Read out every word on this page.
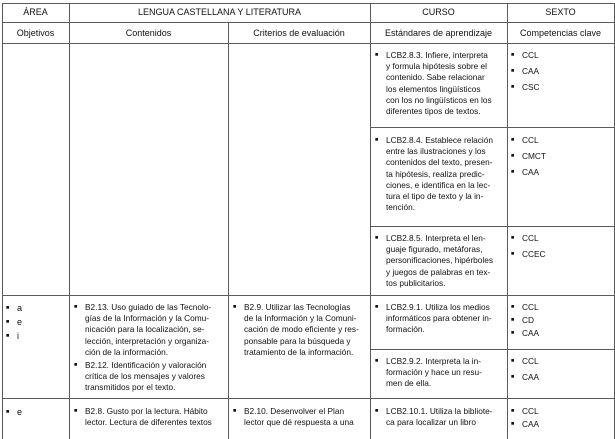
ÁREA	LENGUA CASTELLANA Y LITERATURA	CURSO	SEXTO
Objetivos	Contenidos	Criterios de evaluación	Estándares de aprendizaje	Competencias clave
■ LCB2.8.3. Infiere, interpreta
y formula hipótesis sobre el
contenido. Sabe relacionar
los elementos lingüísticos
con los no lingüísticos en los
diferentes tipos de textos.
■ CCL
■ CAA
■ CSC
■ LCB2.8.4. Establece relación
entre las ilustraciones y los
contenidos del texto, presen-
ta hipótesis, realiza predic-
ciones, e identifica en la lec-
tura el tipo de texto y la in-
tención.
■ CCL
■ CMCT
■ CAA
■ LCB2.8.5. Interpreta el len-
guaje figurado, metáforas,
personificaciones, hipérboles
y juegos de palabras en tex-
tos publicitarios.
■ CCL
■ CCEC
■ a
■ e
■ i
■ B2.13. Uso guiado de las Tecnolo-
gías de la Información y la Comu-
nicación para la localización, se-
lección, interpretación y organiza-
ción de la información.
■ B2.12. Identificación y valoración
crítica de los mensajes y valores
transmitidos por el texto.
■ B2.9. Utilizar las Tecnologías
de la Información y la Comuni-
cación de modo eficiente y res-
ponsable para la búsqueda y
tratamiento de la información.
■ LCB2.9.1. Utiliza los medios
informáticos para obtener in-
formación.
■ CCL
■ CD
■ CAA
■ LCB2.9.2. Interpreta la in-
formación y hace un resu-
men de ella.
■ CCL
■ CAA
■ e
■	B2.8. Gusto por la lectura. Hábito
lector. Lectura de diferentes textos
■ B2.10. Desenvolver el Plan
lector que dé respuesta a una
■ LCB2.10.1. Utiliza la bibliote-
ca para localizar un libro
■ CCL
■ CAA
